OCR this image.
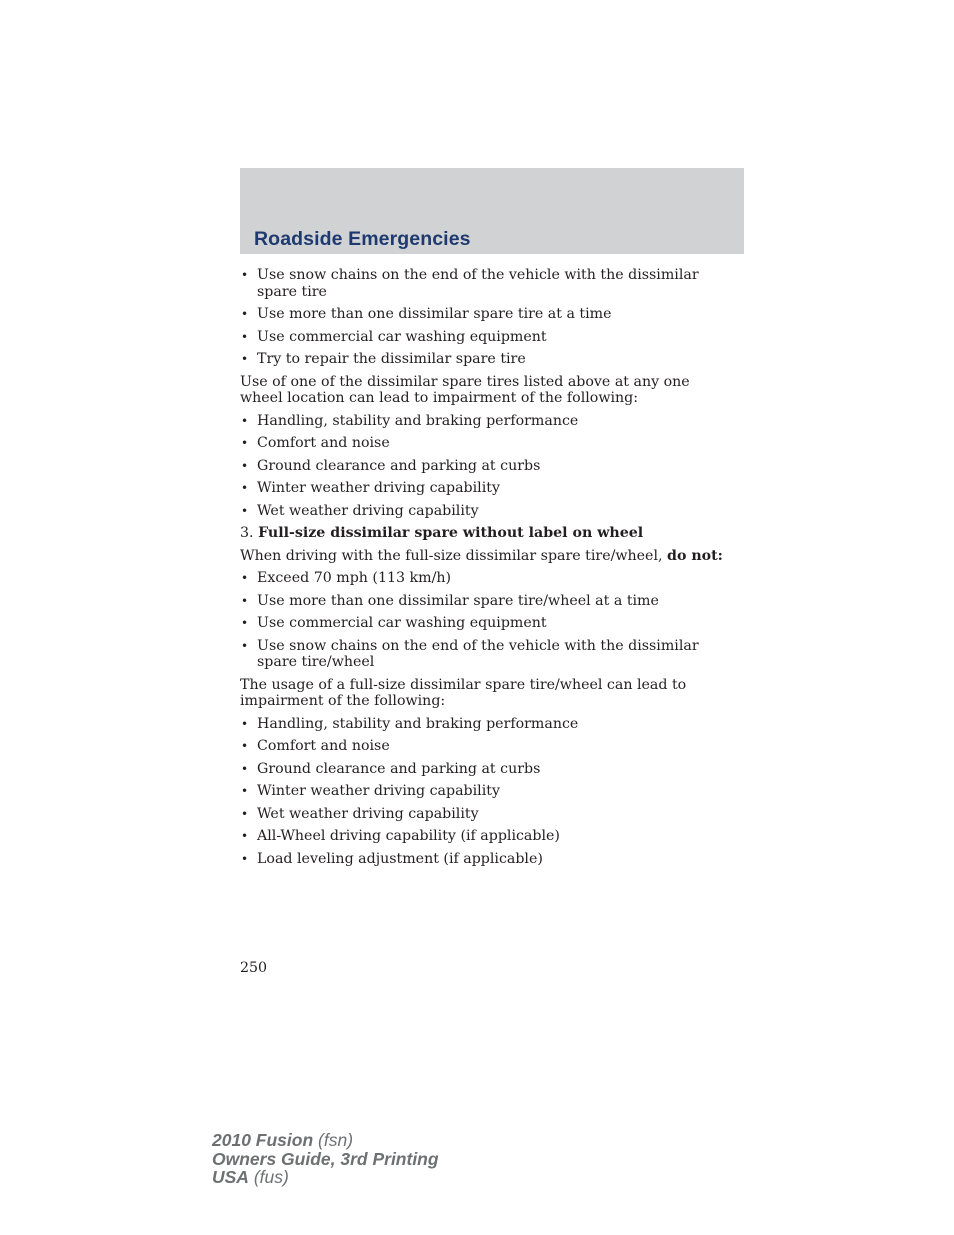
Roadside Emergencies
• Use snow chains on the end of the vehicle with the dissimilar spare tire
• Use more than one dissimilar spare tire at a time
• Use commercial car washing equipment
• Try to repair the dissimilar spare tire
Use of one of the dissimilar spare tires listed above at any one wheel location can lead to impairment of the following:
• Handling, stability and braking performance
• Comfort and noise
• Ground clearance and parking at curbs
• Winter weather driving capability
• Wet weather driving capability
3. Full-size dissimilar spare without label on wheel
When driving with the full-size dissimilar spare tire/wheel, do not:
• Exceed 70 mph (113 km/h)
• Use more than one dissimilar spare tire/wheel at a time
• Use commercial car washing equipment
• Use snow chains on the end of the vehicle with the dissimilar spare tire/wheel
The usage of a full-size dissimilar spare tire/wheel can lead to impairment of the following:
• Handling, stability and braking performance
• Comfort and noise
• Ground clearance and parking at curbs
• Winter weather driving capability
• Wet weather driving capability
• All-Wheel driving capability (if applicable)
• Load leveling adjustment (if applicable)
250
2010 Fusion (fsn)
Owners Guide, 3rd Printing
USA (fus)
